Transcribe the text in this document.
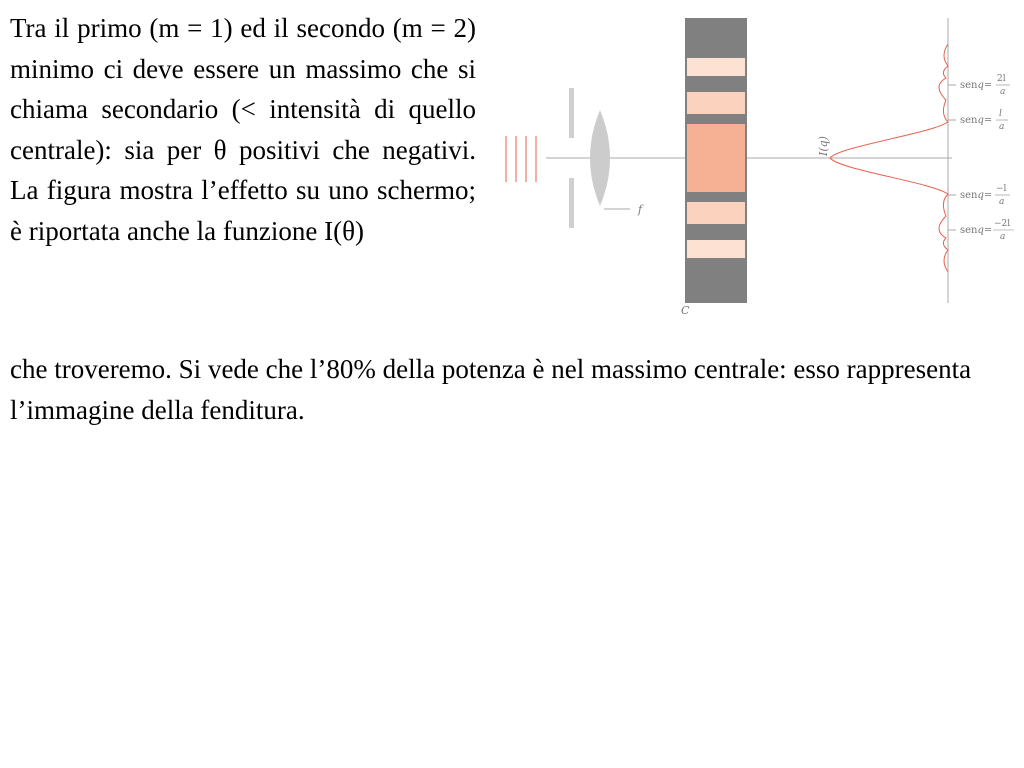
Tra il primo (m = 1) ed il secondo (m = 2) minimo ci deve essere un massimo che si chiama secondario (< intensità di quello centrale): sia per θ positivi che negativi. La figura mostra l’effetto su uno schermo; è riportata anche la funzione I(θ)

f
C
I(q)
senq=
2l
a
senq=
l
a
senq=
−l
a
senq=
−2l
a

che troveremo. Si vede che l’80% della potenza è nel massimo centrale: esso rappresenta l’immagine della fenditura.
